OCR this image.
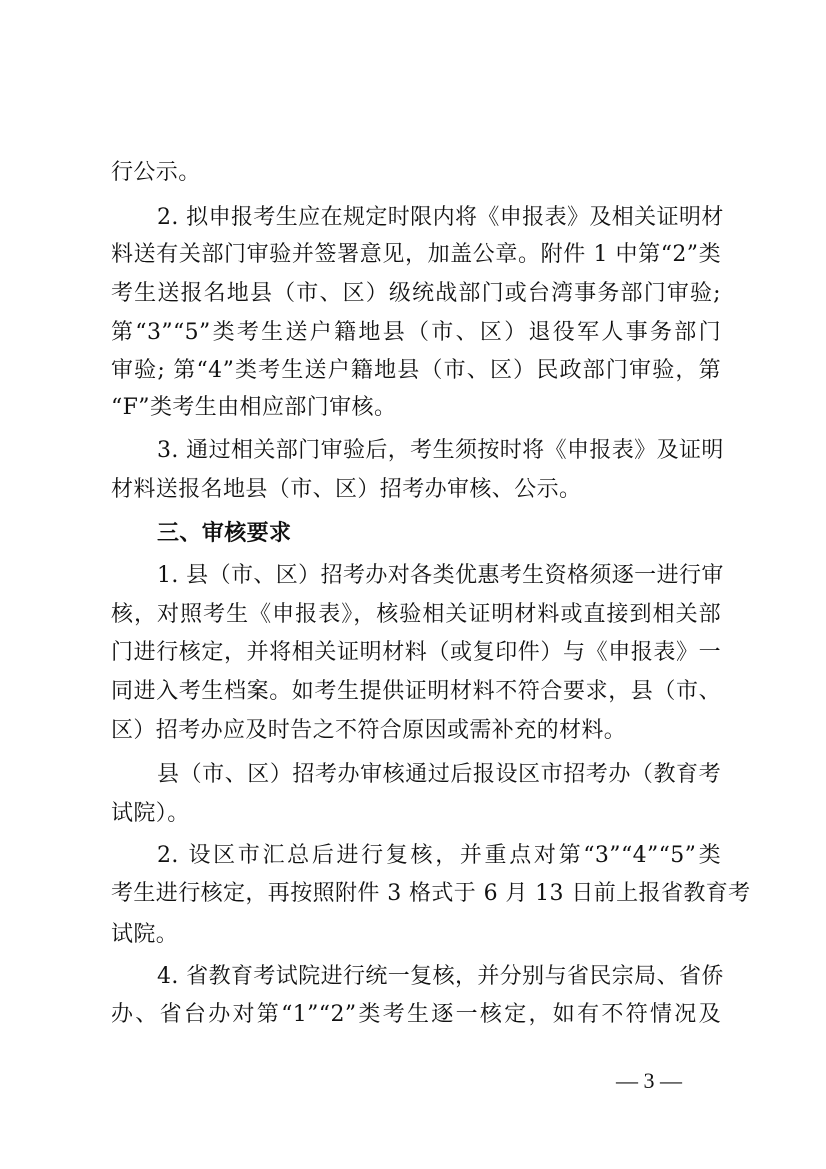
行公示。
2. 拟申报考生应在规定时限内将《申报表》及相关证明材
料送有关部门审验并签署意见，加盖公章。附件 1 中第“2”类
考生送报名地县（市、区）级统战部门或台湾事务部门审验;
第“3”“5”类考生送户籍地县（市、区）退役军人事务部门
审验; 第“4”类考生送户籍地县（市、区）民政部门审验，第
“F”类考生由相应部门审核。
3. 通过相关部门审验后，考生须按时将《申报表》及证明
材料送报名地县（市、区）招考办审核、公示。
三、审核要求
1. 县（市、区）招考办对各类优惠考生资格须逐一进行审
核，对照考生《申报表》，核验相关证明材料或直接到相关部
门进行核定，并将相关证明材料（或复印件）与《申报表》一
同进入考生档案。如考生提供证明材料不符合要求，县（市、
区）招考办应及时告之不符合原因或需补充的材料。
县（市、区）招考办审核通过后报设区市招考办（教育考
试院）。
2. 设区市汇总后进行复核，并重点对第“3”“4”“5”类
考生进行核定，再按照附件 3 格式于 6 月 13 日前上报省教育考
试院。
4. 省教育考试院进行统一复核，并分别与省民宗局、省侨
办、省台办对第“1”“2”类考生逐一核定，如有不符情况及
— 3 —
